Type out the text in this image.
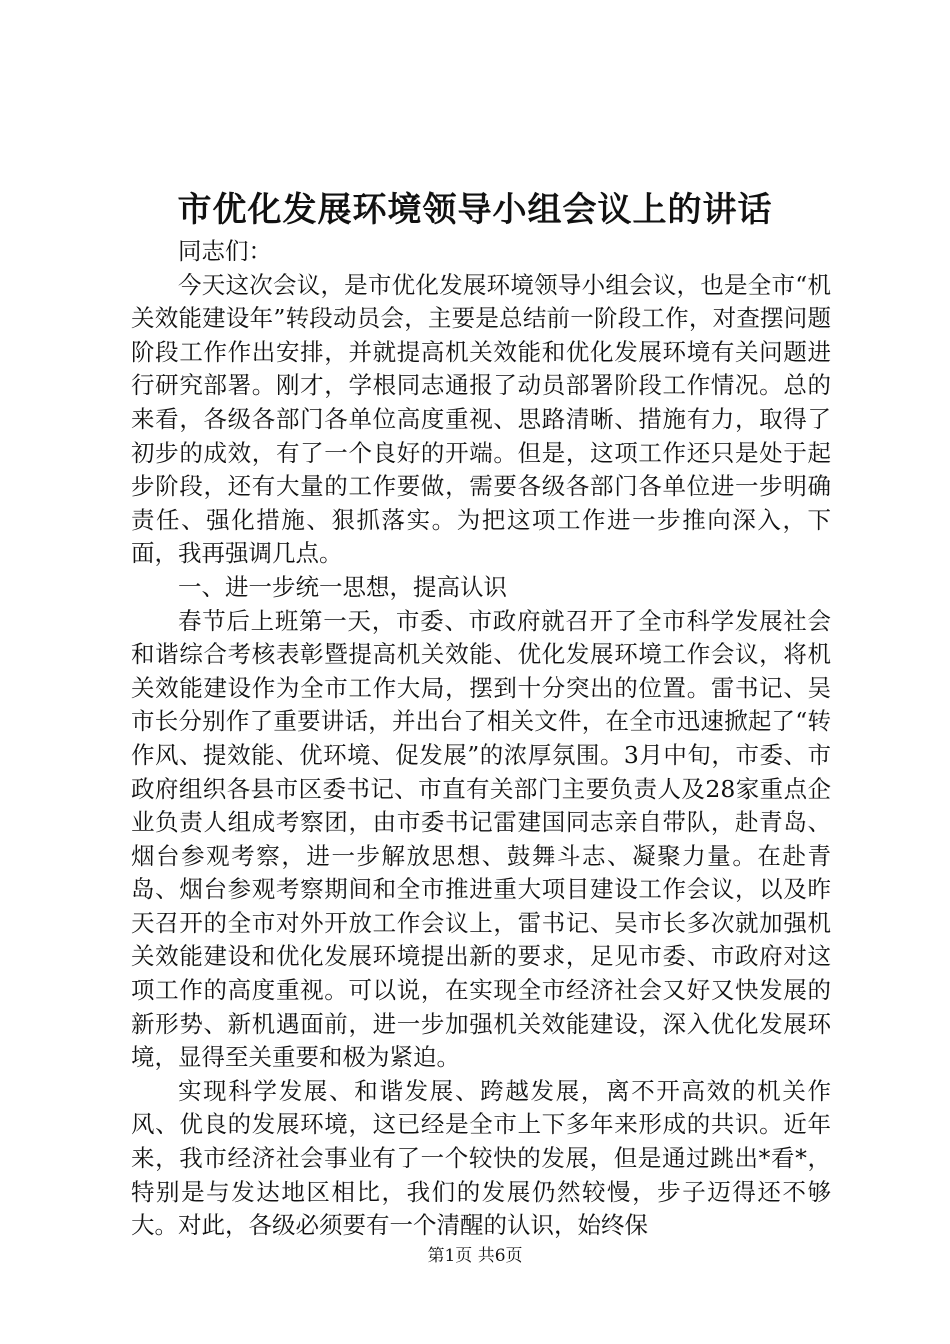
市优化发展环境领导小组会议上的讲话

同志们：

今天这次会议，是市优化发展环境领导小组会议，也是全市“机关效能建设年”转段动员会，主要是总结前一阶段工作，对查摆问题阶段工作作出安排，并就提高机关效能和优化发展环境有关问题进行研究部署。刚才，学根同志通报了动员部署阶段工作情况。总的来看，各级各部门各单位高度重视、思路清晰、措施有力，取得了初步的成效，有了一个良好的开端。但是，这项工作还只是处于起步阶段，还有大量的工作要做，需要各级各部门各单位进一步明确责任、强化措施、狠抓落实。为把这项工作进一步推向深入，下面，我再强调几点。

一、进一步统一思想，提高认识

春节后上班第一天，市委、市政府就召开了全市科学发展社会和谐综合考核表彰暨提高机关效能、优化发展环境工作会议，将机关效能建设作为全市工作大局，摆到十分突出的位置。雷书记、吴市长分别作了重要讲话，并出台了相关文件，在全市迅速掀起了“转作风、提效能、优环境、促发展”的浓厚氛围。3月中旬，市委、市政府组织各县市区委书记、市直有关部门主要负责人及28家重点企业负责人组成考察团，由市委书记雷建国同志亲自带队，赴青岛、烟台参观考察，进一步解放思想、鼓舞斗志、凝聚力量。在赴青岛、烟台参观考察期间和全市推进重大项目建设工作会议，以及昨天召开的全市对外开放工作会议上，雷书记、吴市长多次就加强机关效能建设和优化发展环境提出新的要求，足见市委、市政府对这项工作的高度重视。可以说，在实现全市经济社会又好又快发展的新形势、新机遇面前，进一步加强机关效能建设，深入优化发展环境，显得至关重要和极为紧迫。

实现科学发展、和谐发展、跨越发展，离不开高效的机关作风、优良的发展环境，这已经是全市上下多年来形成的共识。近年来，我市经济社会事业有了一个较快的发展，但是通过跳出*看*，特别是与发达地区相比，我们的发展仍然较慢，步子迈得还不够大。对此，各级必须要有一个清醒的认识，始终保

第1页 共6页
